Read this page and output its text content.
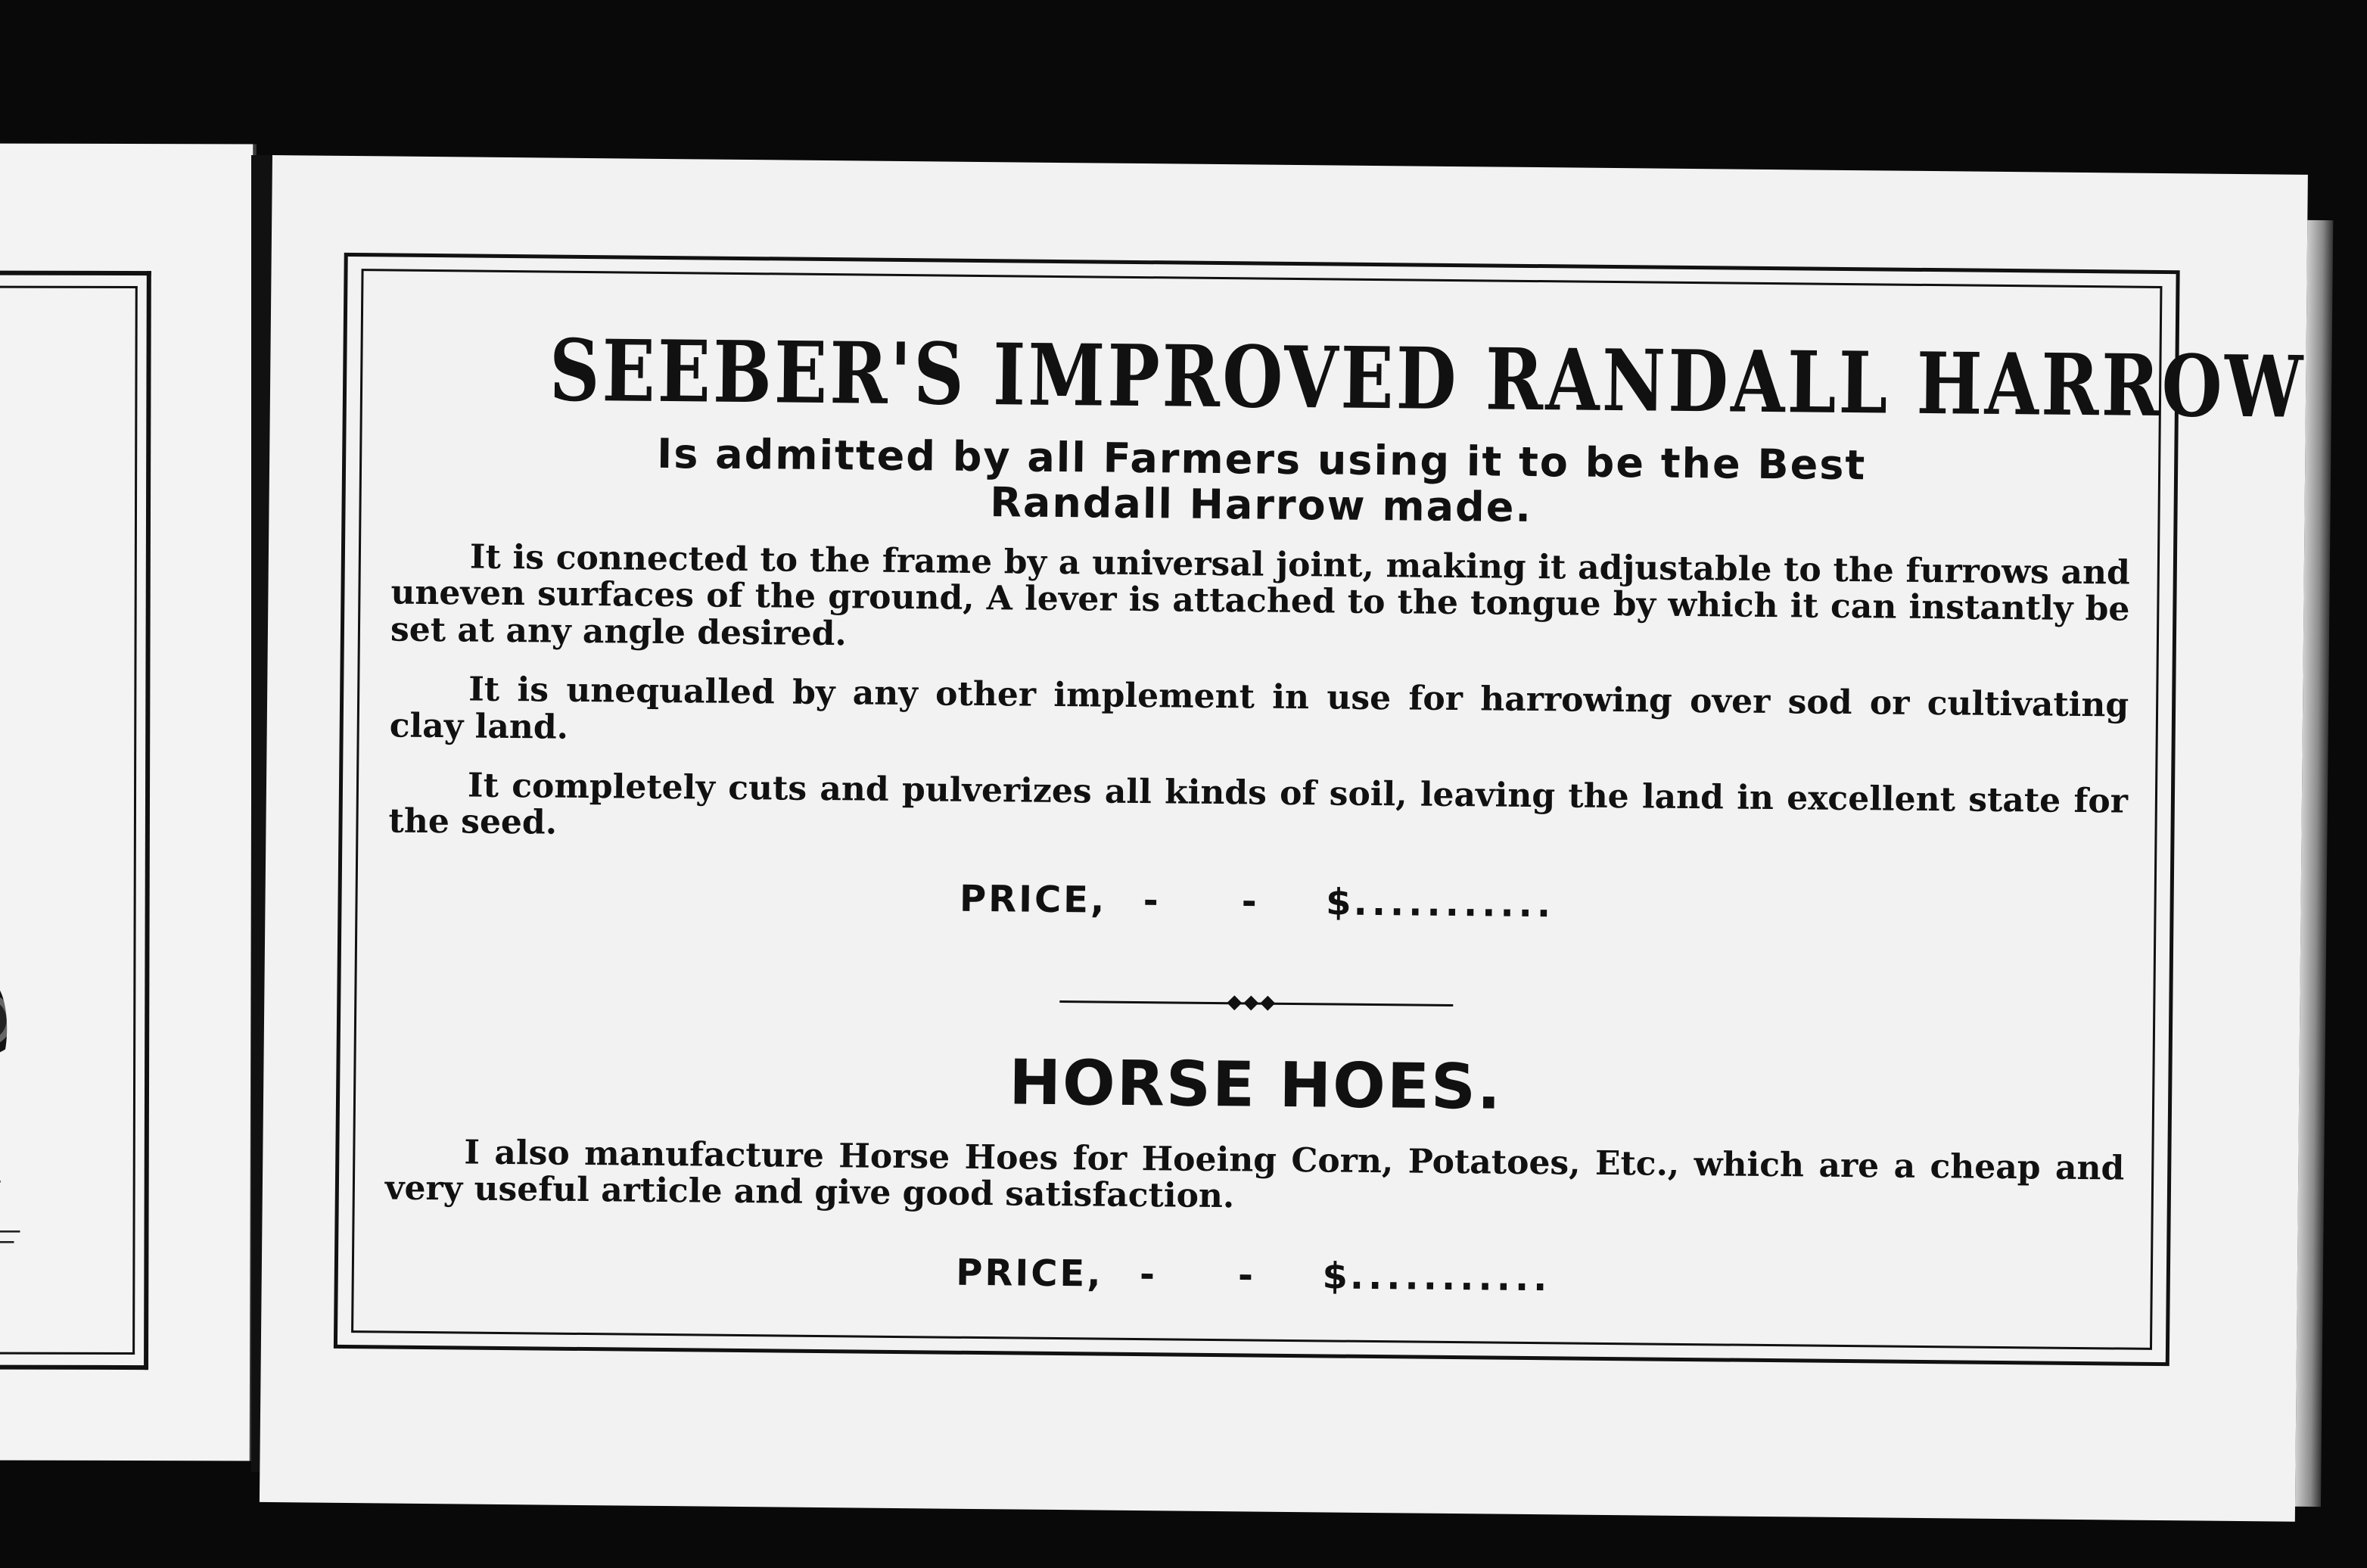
SEEBER'S IMPROVED RANDALL HARROW
Is admitted by all Farmers using it to be the Best
Randall Harrow made.

It is connected to the frame by a universal joint, making it adjustable to the furrows and uneven surfaces of the ground, A lever is attached to the tongue by which it can instantly be set at any angle desired.

It is unequalled by any other implement in use for harrowing over sod or cultivating clay land.

It completely cuts and pulverizes all kinds of soil, leaving the land in excellent state for the seed.

PRICE, -	-	$ ...........
HORSE HOES.

I also manufacture Horse Hoes for Hoeing Corn, Potatoes, Etc., which are a cheap and very useful article and give good satisfaction.

PRICE, -	-	$ ...........
